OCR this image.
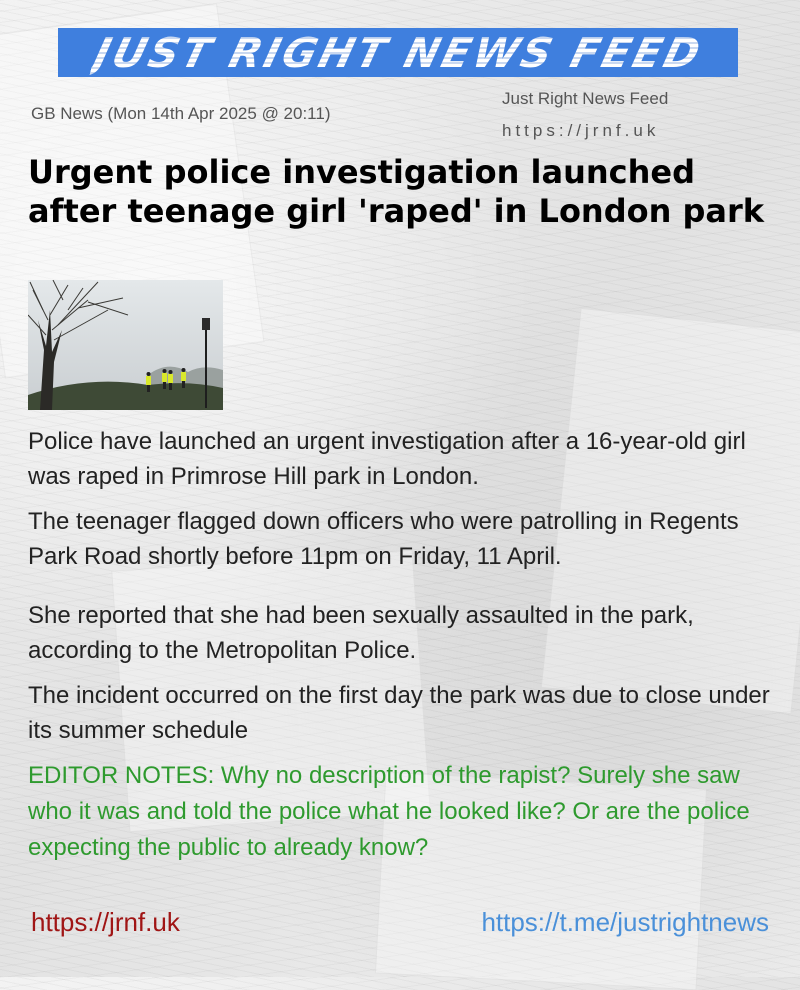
JUST RIGHT NEWS FEED
GB News (Mon 14th Apr 2025 @ 20:11)
Just Right News Feed
https://jrnf.uk
Urgent police investigation launched after teenage girl 'raped' in London park

Police have launched an urgent investigation after a 16-year-old girl was raped in Primrose Hill park in London.

The teenager flagged down officers who were patrolling in Regents Park Road shortly before 11pm on Friday, 11 April.

She reported that she had been sexually assaulted in the park, according to the Metropolitan Police.

The incident occurred on the first day the park was due to close under its summer schedule

EDITOR NOTES: Why no description of the rapist? Surely she saw who it was and told the police what he looked like? Or are the police expecting the public to already know?

https://jrnf.uk	https://t.me/justrightnews
